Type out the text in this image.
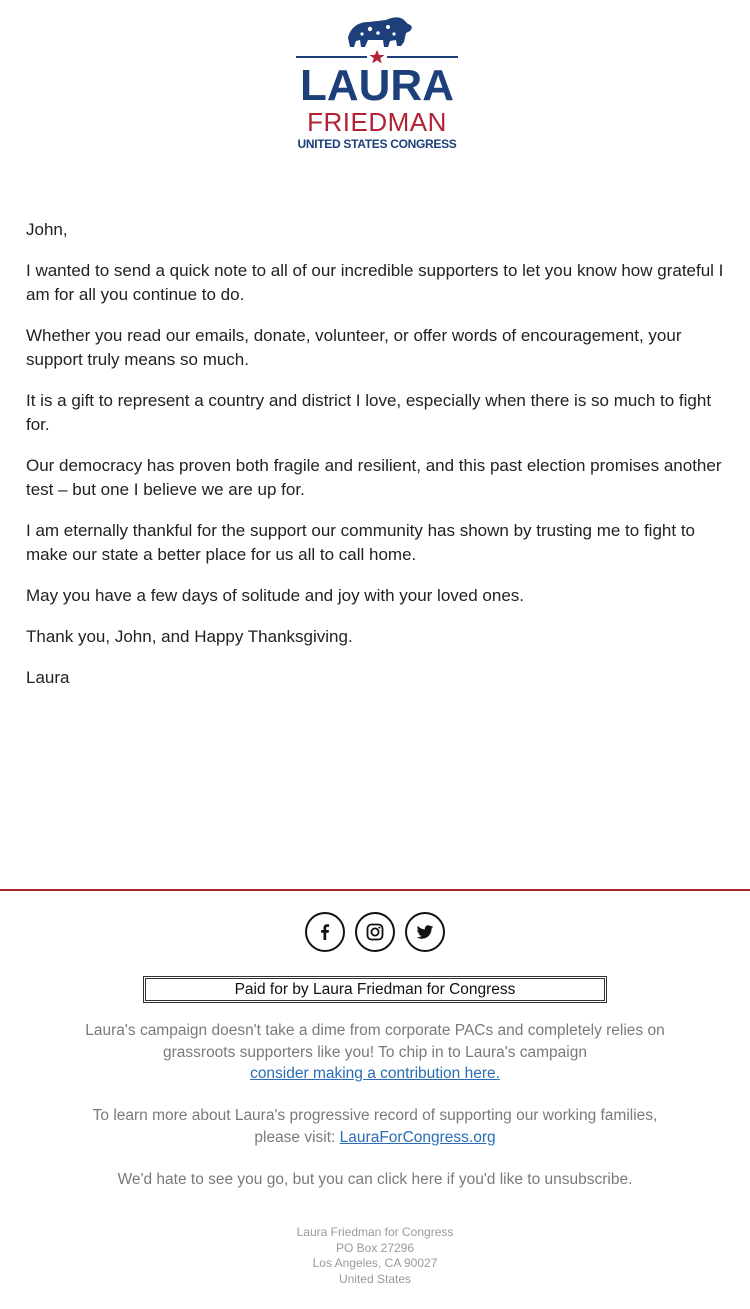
LAURA
FRIEDMAN
UNITED STATES CONGRESS

John,

I wanted to send a quick note to all of our incredible supporters to let you know how grateful I am for all you continue to do.

Whether you read our emails, donate, volunteer, or offer words of encouragement, your support truly means so much.

It is a gift to represent a country and district I love, especially when there is so much to fight for.

Our democracy has proven both fragile and resilient, and this past election promises another test – but one I believe we are up for.

I am eternally thankful for the support our community has shown by trusting me to fight to make our state a better place for us all to call home.

May you have a few days of solitude and joy with your loved ones.

Thank you, John, and Happy Thanksgiving.

Laura

Paid for by Laura Friedman for Congress
Laura's campaign doesn't take a dime from corporate PACs and completely relies on grassroots supporters like you! To chip in to Laura's campaign
consider making a contribution here.
To learn more about Laura's progressive record of supporting our working families, please visit: LauraForCongress.org
We'd hate to see you go, but you can click here if you'd like to unsubscribe.
Laura Friedman for Congress
PO Box 27296
Los Angeles, CA 90027
United States
